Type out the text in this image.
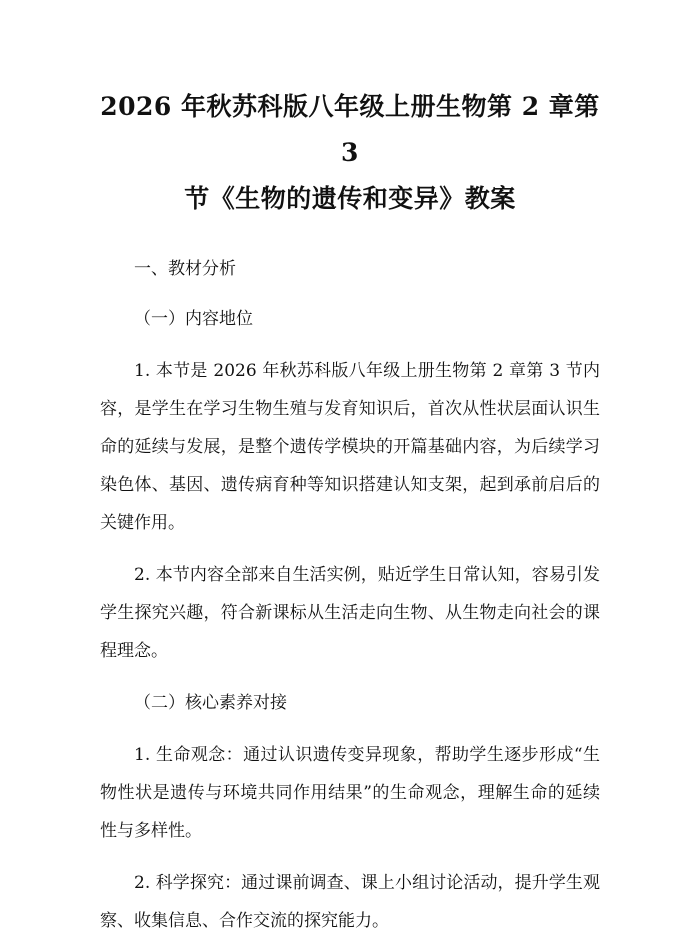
2026 年秋苏科版八年级上册生物第 2 章第 3
节《生物的遗传和变异》教案

一、教材分析

（一）内容地位

1. 本节是 2026 年秋苏科版八年级上册生物第 2 章第 3 节内容，是学生在学习生物生殖与发育知识后，首次从性状层面认识生命的延续与发展，是整个遗传学模块的开篇基础内容，为后续学习染色体、基因、遗传病育种等知识搭建认知支架，起到承前启后的关键作用。

2. 本节内容全部来自生活实例，贴近学生日常认知，容易引发学生探究兴趣，符合新课标从生活走向生物、从生物走向社会的课程理念。

（二）核心素养对接

1. 生命观念：通过认识遗传变异现象，帮助学生逐步形成“生物性状是遗传与环境共同作用结果”的生命观念，理解生命的延续性与多样性。

2. 科学探究：通过课前调查、课上小组讨论活动，提升学生观察、收集信息、合作交流的探究能力。
